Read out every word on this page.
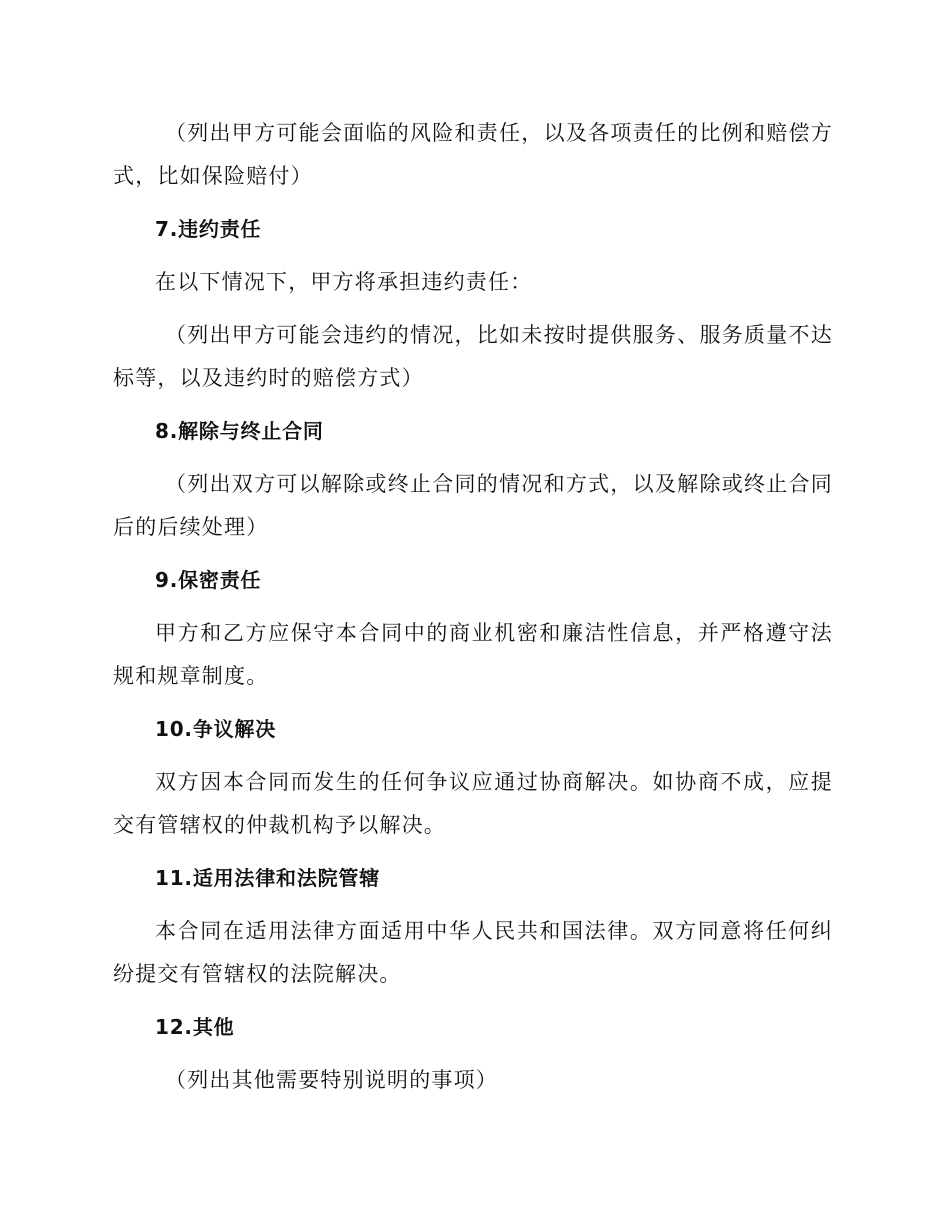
（列出甲方可能会面临的风险和责任，以及各项责任的比例和赔偿方式，比如保险赔付）

7.违约责任

在以下情况下，甲方将承担违约责任：

（列出甲方可能会违约的情况，比如未按时提供服务、服务质量不达标等，以及违约时的赔偿方式）

8.解除与终止合同

（列出双方可以解除或终止合同的情况和方式，以及解除或终止合同后的后续处理）

9.保密责任

甲方和乙方应保守本合同中的商业机密和廉洁性信息，并严格遵守法规和规章制度。

10.争议解决

双方因本合同而发生的任何争议应通过协商解决。如协商不成，应提交有管辖权的仲裁机构予以解决。

11.适用法律和法院管辖

本合同在适用法律方面适用中华人民共和国法律。双方同意将任何纠纷提交有管辖权的法院解决。

12.其他

（列出其他需要特别说明的事项）
